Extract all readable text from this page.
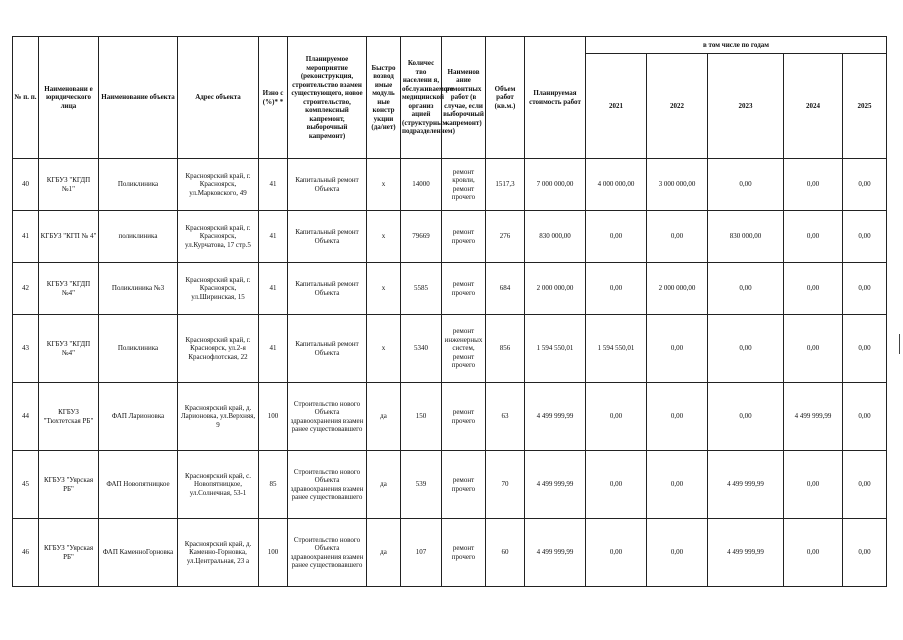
№ п. п.	Наименовани е юридического лица	Наименование объекта	Адрес объекта	Изно с (%)* *	Планируемое мероприятие (реконструкция, строительство взамен существующего, новое строительство, комплексный капремонт, выборочный капремонт)	Быстро возвод имые модуль ные констр укции (да/нет)	Количес тво населени я, обслуживаемого медицинской организ ацией (структурным подразделением)	Наименов ание ремонтных работ (в случае, если выборочный капремонт)	Объем работ (кв.м.)	Планируемая стоимость работ	в том числе по годам				
											2021	2022	2023	2024	2025
40	КГБУЗ "КГДП №1"	Поликлиника	Красноярский край, г. Красноярск, ул.Марковского, 49	41	Капитальный ремонт Объекта	х	14000	ремонт кровли, ремонт прочего	1517,3	7 000 000,00	4 000 000,00	3 000 000,00	0,00	0,00	0,00
41	КГБУЗ "КГП № 4"	поликлиника	Красноярский край, г. Красноярск, ул.Курчатова, 17 стр.5	41	Капитальный ремонт Объекта	х	79669	ремонт прочего	276	830 000,00	0,00	0,00	830 000,00	0,00	0,00
42	КГБУЗ "КГДП №4"	Поликлиника №3	Красноярский край, г. Красноярск, ул.Ширинская, 15	41	Капитальный ремонт Объекта	х	5585	ремонт прочего	684	2 000 000,00	0,00	2 000 000,00	0,00	0,00	0,00
43	КГБУЗ "КГДП №4"	Поликлиника	Красноярский край, г. Красноярск, ул.2-я Краснофлотская, 22	41	Капитальный ремонт Объекта	х	5340	ремонт инженерных систем, ремонт прочего	856	1 594 550,01	1 594 550,01	0,00	0,00	0,00	0,00
44	КГБУЗ "Тюхтетская РБ"	ФАП Ларионовка	Красноярский край, д. Ларионовка, ул.Верхняя, 9	100	Строительство нового Объекта здравоохранения взамен ранее существовавшего	да	150	ремонт прочего	63	4 499 999,99	0,00	0,00	0,00	4 499 999,99	0,00
45	КГБУЗ "Уярская РБ"	ФАП Новопятницкое	Красноярский край, с. Новопятницкое, ул.Солнечная, 53-1	85	Строительство нового Объекта здравоохранения взамен ранее существовавшего	да	539	ремонт прочего	70	4 499 999,99	0,00	0,00	4 499 999,99	0,00	0,00
46	КГБУЗ "Уярская РБ"	ФАП КаменноГорновка	Красноярский край, д. Каменно-Горновка, ул.Центральная, 23 а	100	Строительство нового Объекта здравоохранения взамен ранее существовавшего	да	107	ремонт прочего	60	4 499 999,99	0,00	0,00	4 499 999,99	0,00	0,00
